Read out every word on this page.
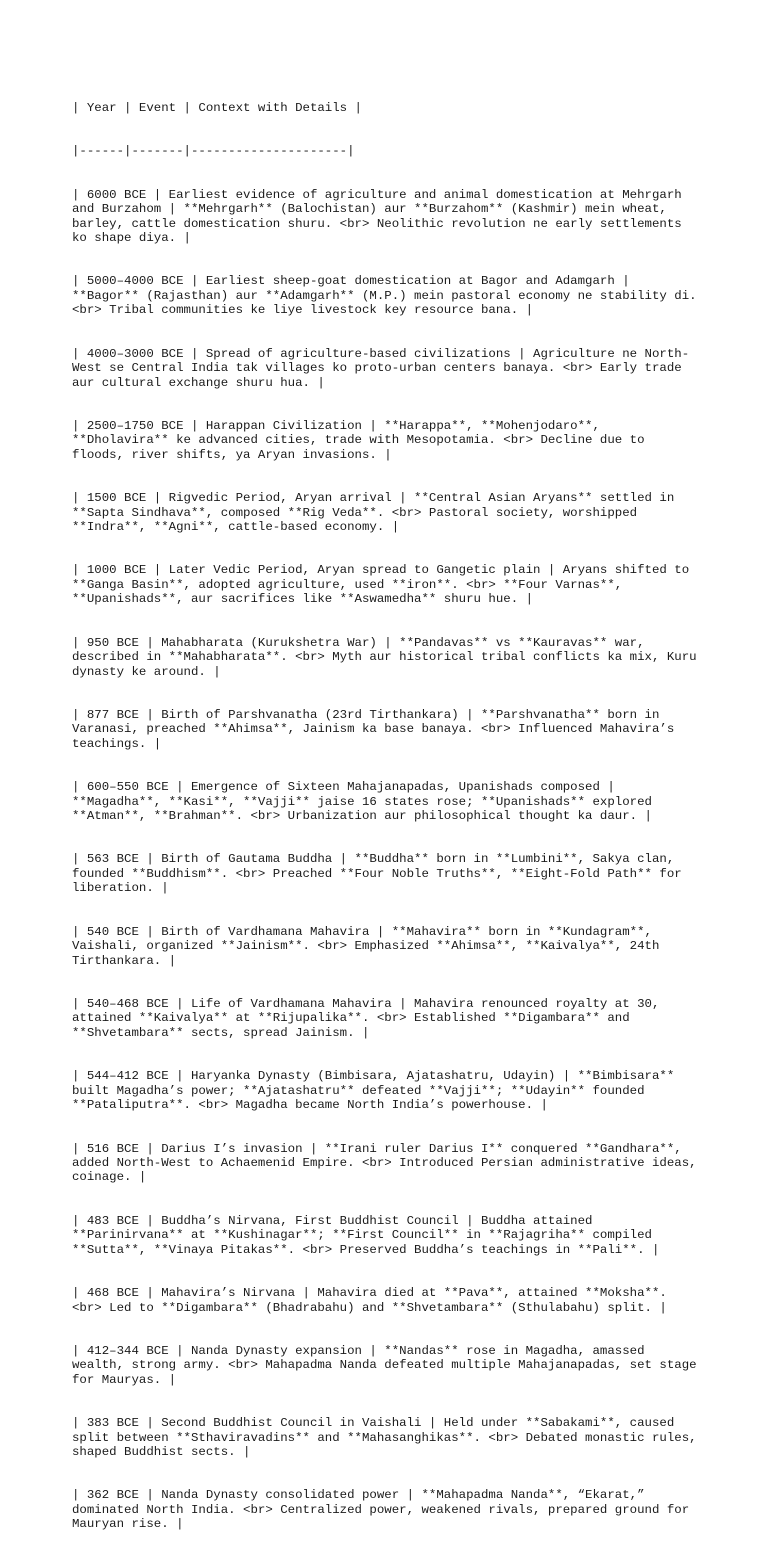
| Year | Event | Context with Details |

|------|-------|---------------------|

| 6000 BCE | Earliest evidence of agriculture and animal domestication at Mehrgarh and Burzahom | **Mehrgarh** (Balochistan) aur **Burzahom** (Kashmir) mein wheat, barley, cattle domestication shuru. <br> Neolithic revolution ne early settlements ko shape diya. |

| 5000–4000 BCE | Earliest sheep-goat domestication at Bagor and Adamgarh | **Bagor** (Rajasthan) aur **Adamgarh** (M.P.) mein pastoral economy ne stability di. <br> Tribal communities ke liye livestock key resource bana. |

| 4000–3000 BCE | Spread of agriculture-based civilizations | Agriculture ne North-West se Central India tak villages ko proto-urban centers banaya. <br> Early trade aur cultural exchange shuru hua. |

| 2500–1750 BCE | Harappan Civilization | **Harappa**, **Mohenjodaro**, **Dholavira** ke advanced cities, trade with Mesopotamia. <br> Decline due to floods, river shifts, ya Aryan invasions. |

| 1500 BCE | Rigvedic Period, Aryan arrival | **Central Asian Aryans** settled in **Sapta Sindhava**, composed **Rig Veda**. <br> Pastoral society, worshipped **Indra**, **Agni**, cattle-based economy. |

| 1000 BCE | Later Vedic Period, Aryan spread to Gangetic plain | Aryans shifted to **Ganga Basin**, adopted agriculture, used **iron**. <br> **Four Varnas**, **Upanishads**, aur sacrifices like **Aswamedha** shuru hue. |

| 950 BCE | Mahabharata (Kurukshetra War) | **Pandavas** vs **Kauravas** war, described in **Mahabharata**. <br> Myth aur historical tribal conflicts ka mix, Kuru dynasty ke around. |

| 877 BCE | Birth of Parshvanatha (23rd Tirthankara) | **Parshvanatha** born in Varanasi, preached **Ahimsa**, Jainism ka base banaya. <br> Influenced Mahavira’s teachings. |

| 600–550 BCE | Emergence of Sixteen Mahajanapadas, Upanishads composed | **Magadha**, **Kasi**, **Vajji** jaise 16 states rose; **Upanishads** explored **Atman**, **Brahman**. <br> Urbanization aur philosophical thought ka daur. |

| 563 BCE | Birth of Gautama Buddha | **Buddha** born in **Lumbini**, Sakya clan, founded **Buddhism**. <br> Preached **Four Noble Truths**, **Eight-Fold Path** for liberation. |

| 540 BCE | Birth of Vardhamana Mahavira | **Mahavira** born in **Kundagram**, Vaishali, organized **Jainism**. <br> Emphasized **Ahimsa**, **Kaivalya**, 24th Tirthankara. |

| 540–468 BCE | Life of Vardhamana Mahavira | Mahavira renounced royalty at 30, attained **Kaivalya** at **Rijupalika**. <br> Established **Digambara** and **Shvetambara** sects, spread Jainism. |

| 544–412 BCE | Haryanka Dynasty (Bimbisara, Ajatashatru, Udayin) | **Bimbisara** built Magadha’s power; **Ajatashatru** defeated **Vajji**; **Udayin** founded **Pataliputra**. <br> Magadha became North India’s powerhouse. |

| 516 BCE | Darius I’s invasion | **Irani ruler Darius I** conquered **Gandhara**, added North-West to Achaemenid Empire. <br> Introduced Persian administrative ideas, coinage. |

| 483 BCE | Buddha’s Nirvana, First Buddhist Council | Buddha attained **Parinirvana** at **Kushinagar**; **First Council** in **Rajagriha** compiled **Sutta**, **Vinaya Pitakas**. <br> Preserved Buddha’s teachings in **Pali**. |

| 468 BCE | Mahavira’s Nirvana | Mahavira died at **Pava**, attained **Moksha**. <br> Led to **Digambara** (Bhadrabahu) and **Shvetambara** (Sthulabahu) split. |

| 412–344 BCE | Nanda Dynasty expansion | **Nandas** rose in Magadha, amassed wealth, strong army. <br> Mahapadma Nanda defeated multiple Mahajanapadas, set stage for Mauryas. |

| 383 BCE | Second Buddhist Council in Vaishali | Held under **Sabakami**, caused split between **Sthaviravadins** and **Mahasanghikas**. <br> Debated monastic rules, shaped Buddhist sects. |

| 362 BCE | Nanda Dynasty consolidated power | **Mahapadma Nanda**, “Ekarat,” dominated North India. <br> Centralized power, weakened rivals, prepared ground for Mauryan rise. |
